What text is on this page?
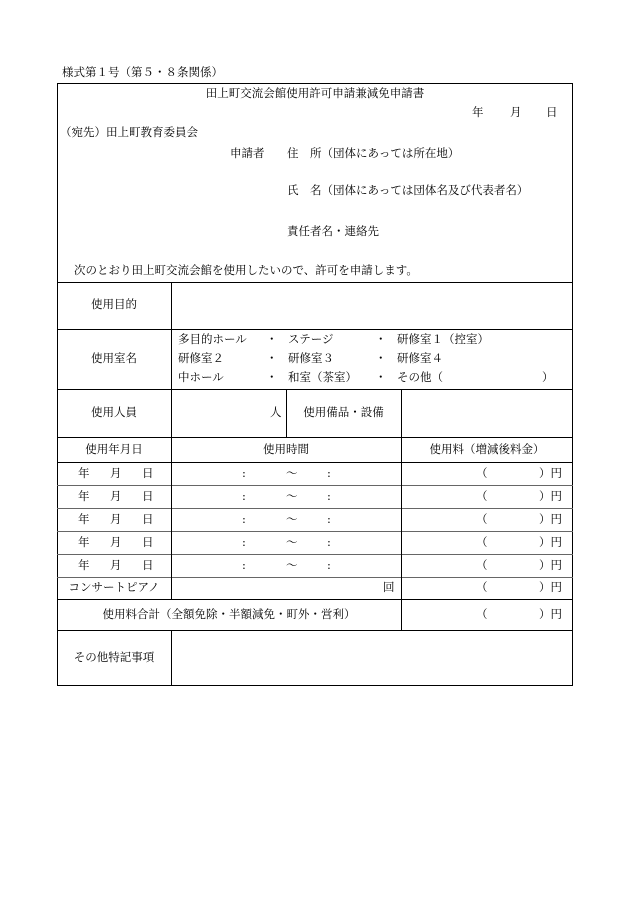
様式第１号（第５・８条関係）
田上町交流会館使用許可申請兼減免申請書
年 月 日
（宛先）田上町教育委員会
申請者 住　所（団体にあっては所在地）
氏　名（団体にあっては団体名及び代表者名）
責任者名・連絡先
次のとおり田上町交流会館を使用したいので、許可を申請します。
使用目的
使用室名
多目的ホール ・ ステージ	・ 研修室１（控室）
研修室２	・ 研修室３	・ 研修室４
中ホール	・ 和室（茶室） ・ その他（	）
使用人員	人	使用備品・設備
使用年月日	使用時間	使用料（増減後料金）
年 月 日	:	〜	:	（	）円
年 月 日	:	〜	:	（	）円
年 月 日	:	〜	:	（	）円
年 月 日	:	〜	:	（	）円
年 月 日	:	〜	:	（	）円
コンサートピアノ	回	（	）円
使用料合計（全額免除・半額減免・町外・営利）	（	）円
その他特記事項
